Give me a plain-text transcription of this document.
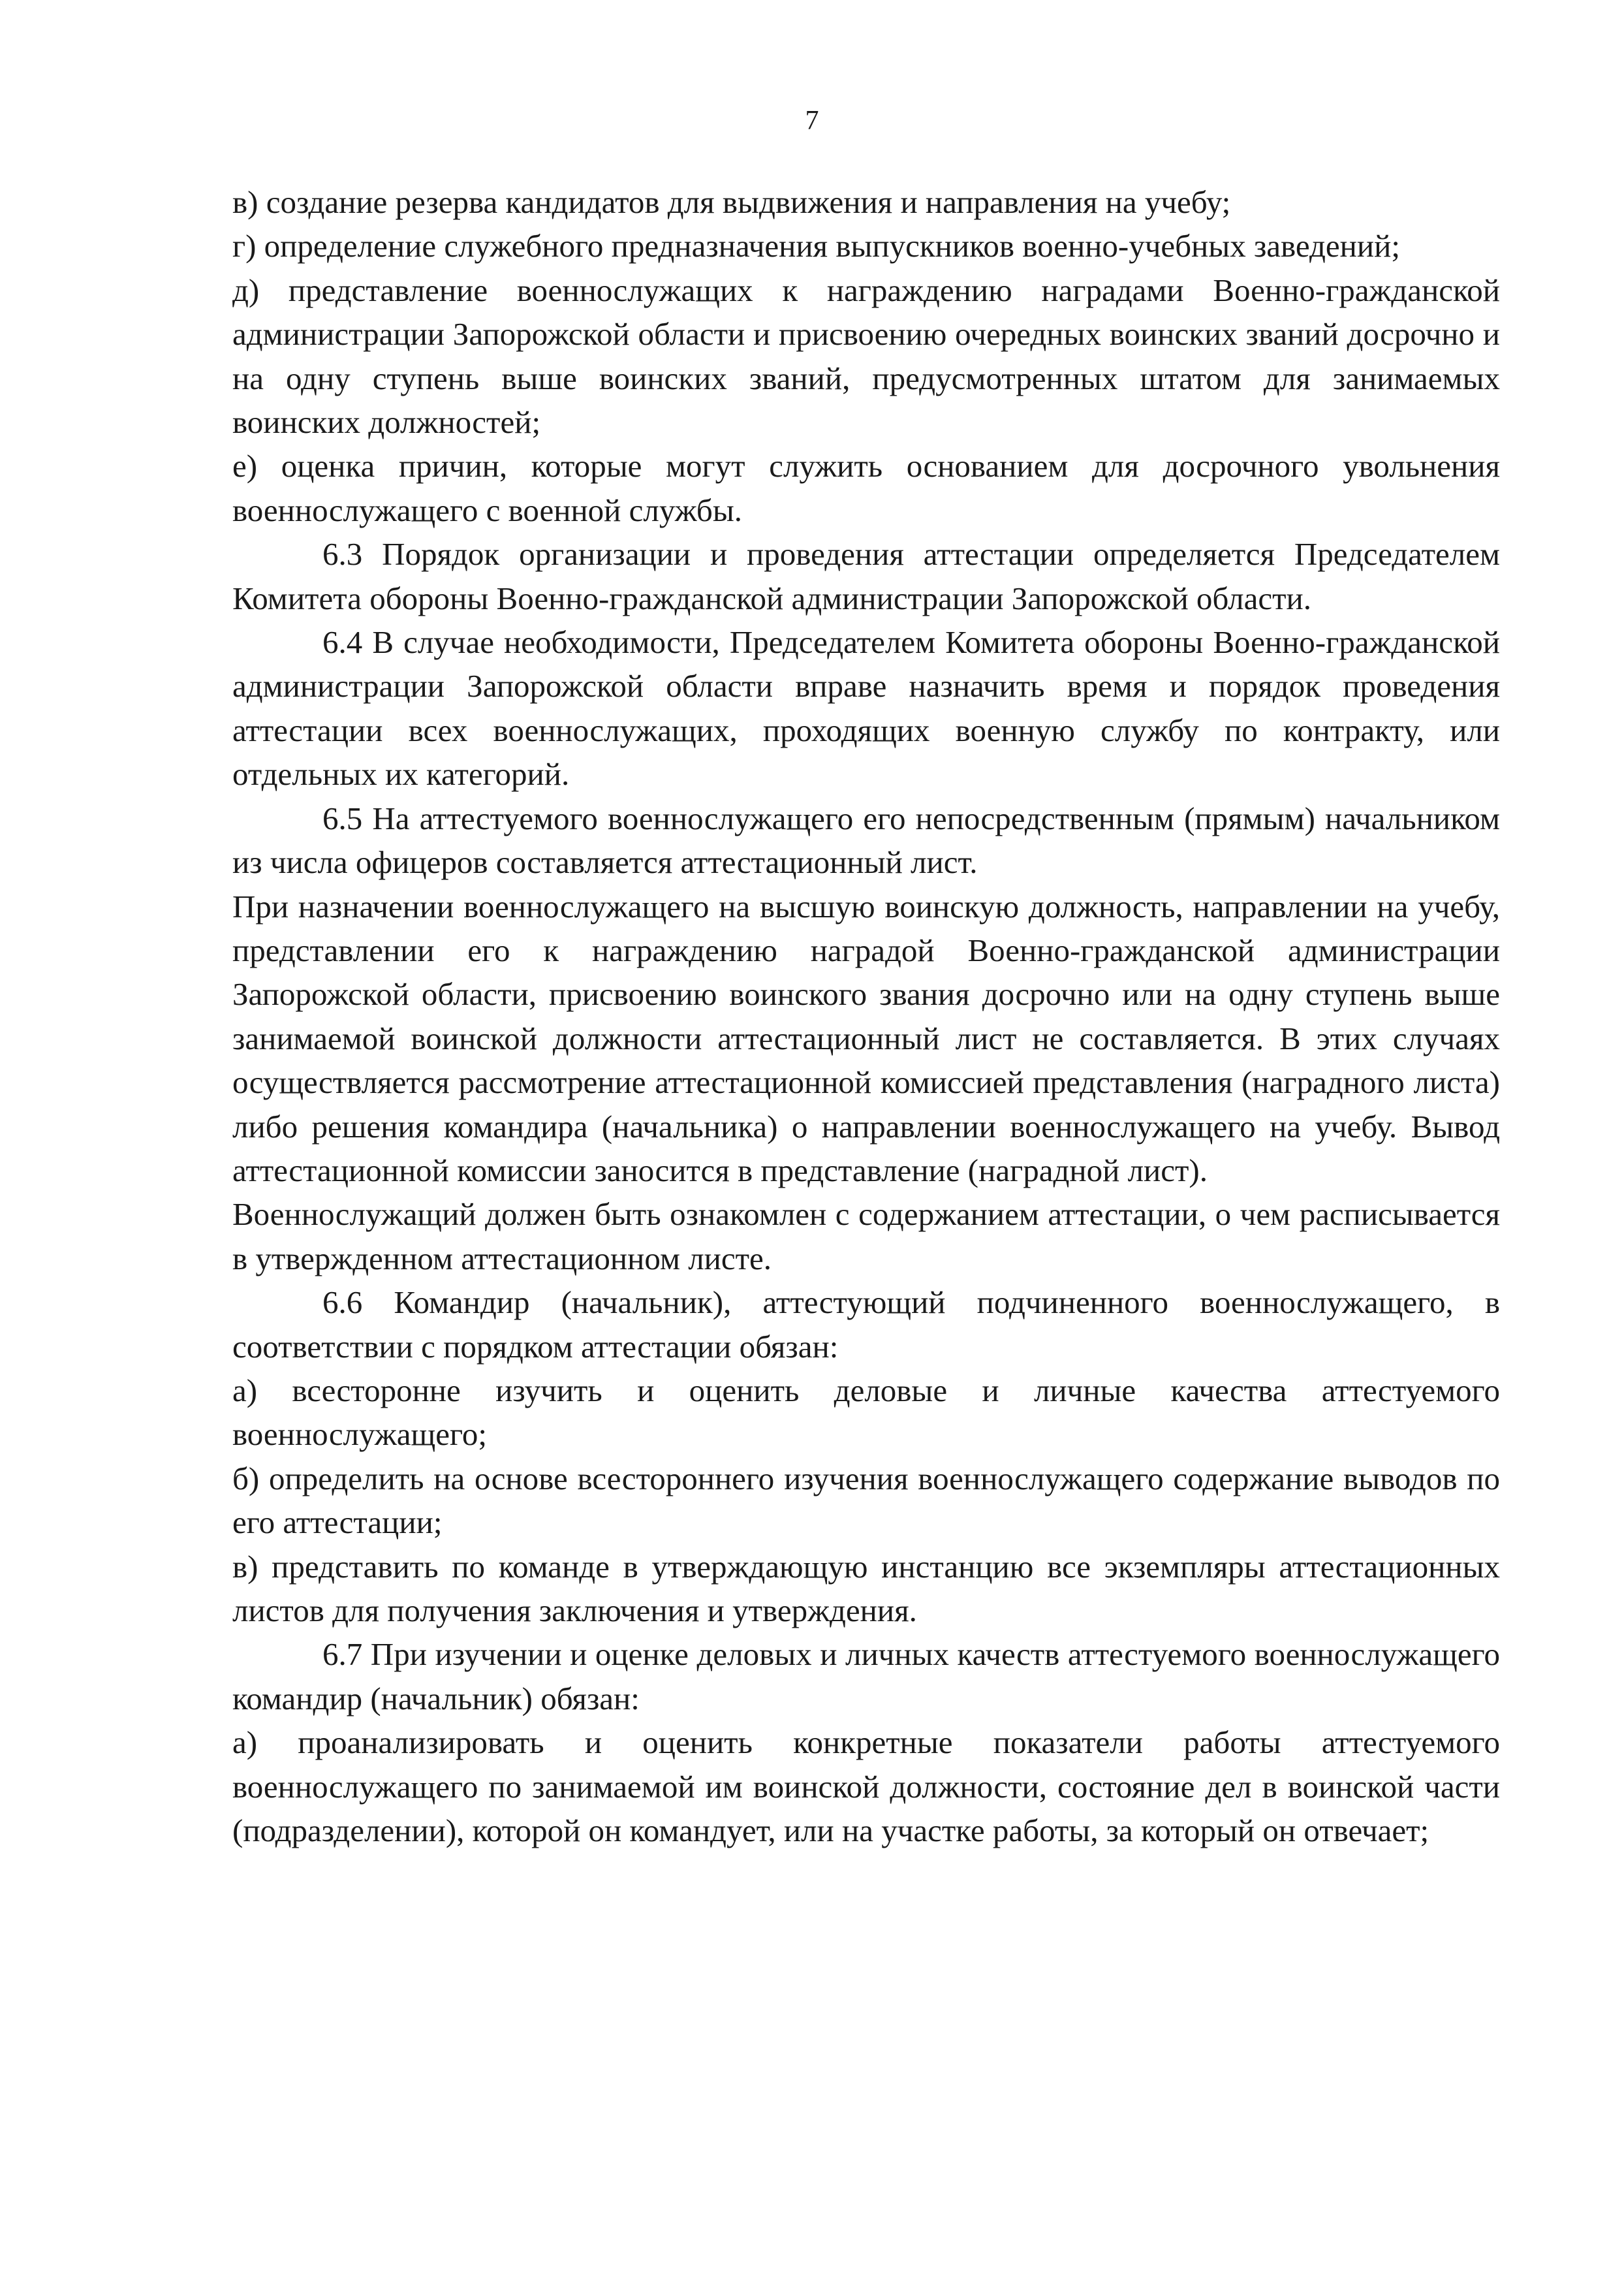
7

в) создание резерва кандидатов для выдвижения и направления на учебу;

г) определение служебного предназначения выпускников военно-учебных заведений;

д) представление военнослужащих к награждению наградами Военно-гражданской администрации Запорожской области и присвоению очередных воинских званий досрочно и на одну ступень выше воинских званий, предусмотренных штатом для занимаемых воинских должностей;

е) оценка причин, которые могут служить основанием для досрочного увольнения военнослужащего с военной службы.

6.3 Порядок организации и проведения аттестации определяется Председателем Комитета обороны Военно-гражданской администрации Запорожской области.

6.4 В случае необходимости, Председателем Комитета обороны Военно-гражданской администрации Запорожской области вправе назначить время и порядок проведения аттестации всех военнослужащих, проходящих военную службу по контракту, или отдельных их категорий.

6.5 На аттестуемого военнослужащего его непосредственным (прямым) начальником из числа офицеров составляется аттестационный лист.

При назначении военнослужащего на высшую воинскую должность, направлении на учебу, представлении его к награждению наградой Военно-гражданской администрации Запорожской области, присвоению воинского звания досрочно или на одну ступень выше занимаемой воинской должности аттестационный лист не составляется. В этих случаях осуществляется рассмотрение аттестационной комиссией представления (наградного листа) либо решения командира (начальника) о направлении военнослужащего на учебу. Вывод аттестационной комиссии заносится в представление (наградной лист).

Военнослужащий должен быть ознакомлен с содержанием аттестации, о чем расписывается в утвержденном аттестационном листе.

6.6 Командир (начальник), аттестующий подчиненного военнослужащего, в соответствии с порядком аттестации обязан:

а) всесторонне изучить и оценить деловые и личные качества аттестуемого военнослужащего;

б) определить на основе всестороннего изучения военнослужащего содержание выводов по его аттестации;

в) представить по команде в утверждающую инстанцию все экземпляры аттестационных листов для получения заключения и утверждения.

6.7 При изучении и оценке деловых и личных качеств аттестуемого военнослужащего командир (начальник) обязан:

а) проанализировать и оценить конкретные показатели работы аттестуемого военнослужащего по занимаемой им воинской должности, состояние дел в воинской части (подразделении), которой он командует, или на участке работы, за который он отвечает;
